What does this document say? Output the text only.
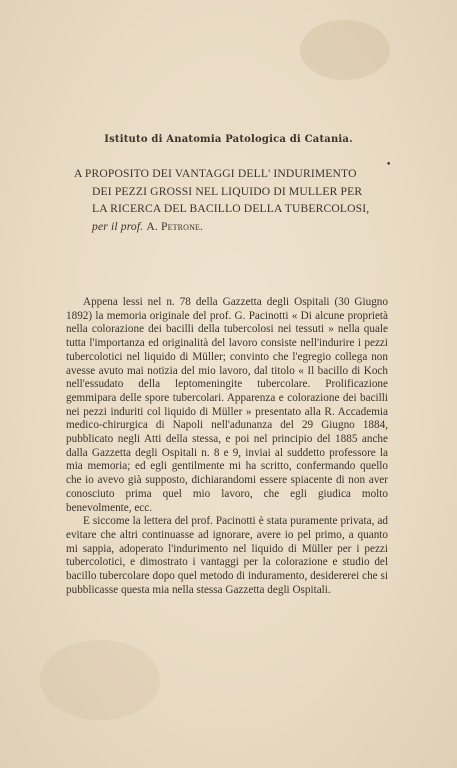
Istituto di Anatomia Patologica di Catania.
•
A PROPOSITO DEI VANTAGGI DELL' INDURIMENTO
DEI PEZZI GROSSI NEL LIQUIDO DI MULLER PER
LA RICERCA DEL BACILLO DELLA TUBERCOLOSI,
per il prof. A. Petrone.

Appena lessi nel n. 78 della Gazzetta degli Ospitali (30 Giugno 1892) la memoria originale del prof. G. Pacinotti « Di alcune proprietà nella colorazione dei bacilli della tubercolosi nei tessuti » nella quale tutta l'importanza ed originalità del lavoro consiste nell'indurire i pezzi tubercolotici nel liquido di Müller; convinto che l'egregio collega non avesse avuto mai notizia del mio lavoro, dal titolo « Il bacillo di Koch nell'essudato della leptomeningite tubercolare. Prolificazione gemmipara delle spore tubercolari. Apparenza e colorazione dei bacilli nei pezzi induriti col liquido di Müller » presentato alla R. Accademia medico-chirurgica di Napoli nell'adunanza del 29 Giugno 1884, pubblicato negli Atti della stessa, e poi nel principio del 1885 anche dalla Gazzetta degli Ospitali n. 8 e 9, inviai al suddetto professore la mia memoria; ed egli gentilmente mi ha scritto, confermando quello che io avevo già supposto, dichiarandomi essere spiacente di non aver conosciuto prima quel mio lavoro, che egli giudica molto benevolmente, ecc.

E siccome la lettera del prof. Pacinotti è stata puramente privata, ad evitare che altri continuasse ad ignorare, avere io pel primo, a quanto mi sappia, adoperato l'indurimento nel liquido di Müller per i pezzi tubercolotici, e dimostrato i vantaggi per la colorazione e studio del bacillo tubercolare dopo quel metodo di induramento, desidererei che si pubblicasse questa mia nella stessa Gazzetta degli Ospitali.
